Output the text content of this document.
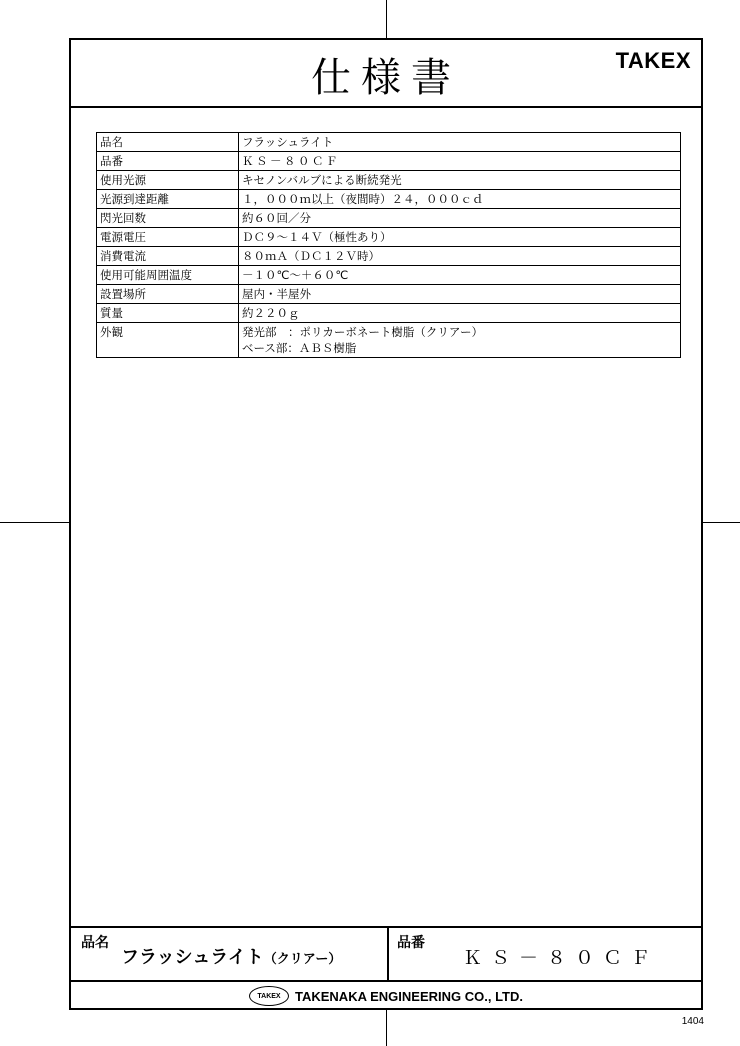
仕様書	TAKEX
品名	フラッシュライト
品番	ＫＳ－８０ＣＦ
使用光源	キセノンバルブによる断続発光
光源到達距離	１，０００ｍ以上（夜間時）２４，０００ｃｄ
閃光回数	約６０回／分
電源電圧	ＤＣ９～１４Ｖ（極性あり）
消費電流	８０ｍＡ（ＤＣ１２Ｖ時）
使用可能周囲温度	－１０℃～＋６０℃
設置場所	屋内・半屋外
質量	約２２０ｇ
外観	発光部　：ポリカーボネート樹脂（クリアー）
ベース部：ＡＢＳ樹脂
品名
フラッシュライト（クリアー）
品番
ＫＳ－８０ＣＦ
TAKEX	TAKENAKA ENGINEERING CO., LTD.
1404
